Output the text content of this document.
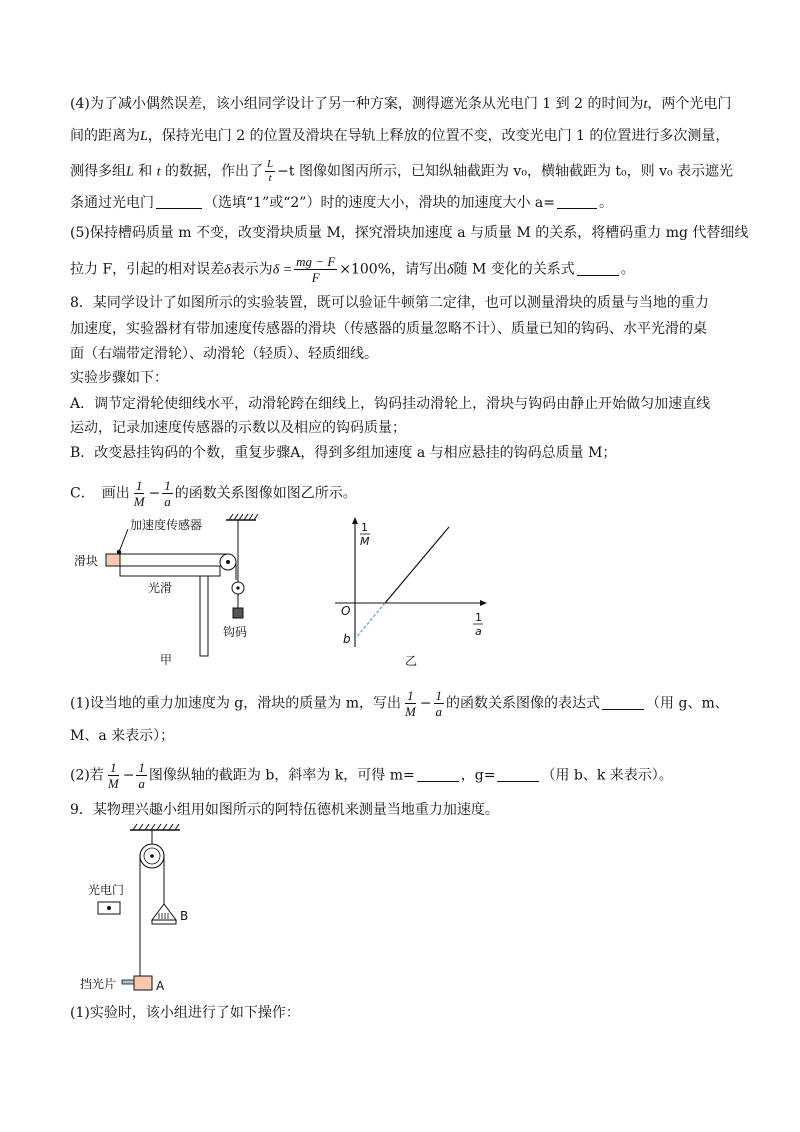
(4)为了减小偶然误差，该小组同学设计了另一种方案，测得遮光条从光电门 1 到 2 的时间为t，两个光电门
间的距离为L，保持光电门 2 的位置及滑块在导轨上释放的位置不变，改变光电门 1 的位置进行多次测量，
测得多组L 和 t 的数据，作出了 $\frac{L}{t} -t$ 图像如图丙所示，已知纵轴截距为 v₀，横轴截距为 t₀，则 v₀ 表示遮光
条通过光电门	（选填“1”或“2”）时的速度大小，滑块的加速度大小 a=	。
(5)保持槽码质量 m 不变，改变滑块质量 M，探究滑块加速度 a 与质量 M 的关系，将槽码重力 mg 代替细线
拉力 F，引起的相对误差δ表示为$\delta = \frac{mg - F}{F} \times 100\%$，请写出δ随 M 变化的关系式	。
8．某同学设计了如图所示的实验装置，既可以验证牛顿第二定律，也可以测量滑块的质量与当地的重力
加速度，实验器材有带加速度传感器的滑块（传感器的质量忽略不计）、质量已知的钩码、水平光滑的桌
面（右端带定滑轮）、动滑轮（轻质）、轻质细线。
实验步骤如下：
A．调节定滑轮使细线水平，动滑轮跨在细线上，钩码挂动滑轮上，滑块与钩码由静止开始做匀加速直线
运动，记录加速度传感器的示数以及相应的钩码质量；
B．改变悬挂钩码的个数，重复步骤A，得到多组加速度 a 与相应悬挂的钩码总质量 M；
C．　画出 $\frac{1}{M} - \frac{1}{a}$ 的函数关系图像如图乙所示。
加速度传感器
滑块
光滑
钩码
甲
1
M
1
a
O
b
乙
(1)设当地的重力加速度为 g，滑块的质量为 m，写出 $\frac{1}{M} - \frac{1}{a}$ 的函数关系图像的表达式	（用 g、m、
M、a 来表示）；
(2)若 $\frac{1}{M} - \frac{1}{a}$ 图像纵轴的截距为 b，斜率为 k，可得 m=	，g=	（用 b、k 来表示）。
9．某物理兴趣小组用如图所示的阿特伍德机来测量当地重力加速度。
光电门
B
挡光片	A
(1)实验时，该小组进行了如下操作：
